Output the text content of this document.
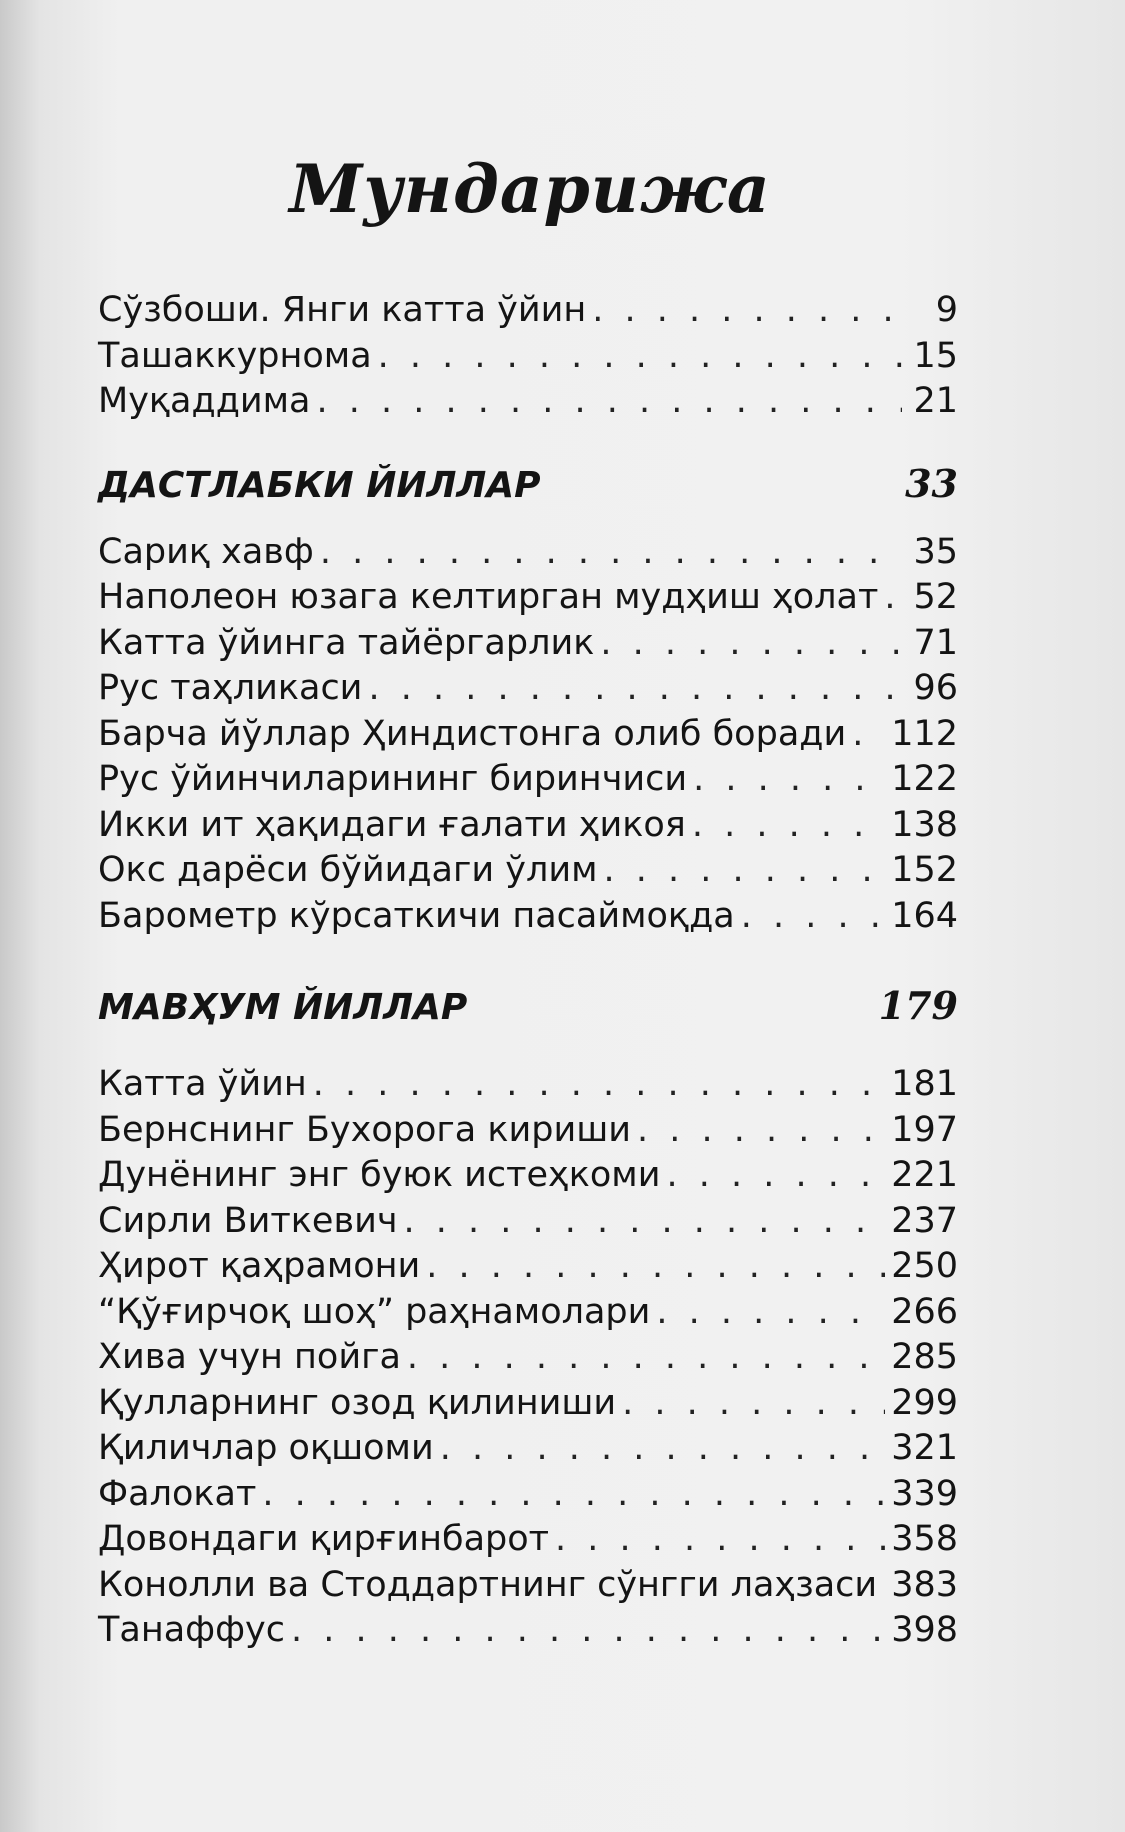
Мундарижа
Сўзбоши. Янги катта ўйин . . .	9
Ташаккурнома . . .	15
Муқаддима . . .	21
ДАСТЛАБКИ ЙИЛЛАР	33
Сариқ хавф . . .	35
Наполеон юзага келтирган мудҳиш ҳолат . . . 52
Катта ўйинга тайёргарлик . . .	71
Рус таҳликаси . . .	96
Барча йўллар Ҳиндистонга олиб боради . . . 112
Рус ўйинчиларининг биринчиси . . .	122
Икки ит ҳақидаги ғалати ҳикоя . . .	138
Окс дарёси бўйидаги ўлим . . .	152
Барометр кўрсаткичи пасаймоқда . . .	164
МАВҲУМ ЙИЛЛАР	179
Катта ўйин . . .	181
Бернснинг Бухорога кириши . . .	197
Дунёнинг энг буюк истеҳкоми . . .	221
Сирли Виткевич . . .	237
Ҳирот қаҳрамони . . .	250
“Қўғирчоқ шоҳ” раҳнамолари . . .	266
Хива учун пойга . . .	285
Қулларнинг озод қилиниши . . .	299
Қиличлар оқшоми . . .	321
Фалокат . . .	339
Довондаги қирғинбарот . . .	358
Конолли ва Стоддартнинг сўнгги лаҳзаси . . . 383
Танаффус . . .	398
